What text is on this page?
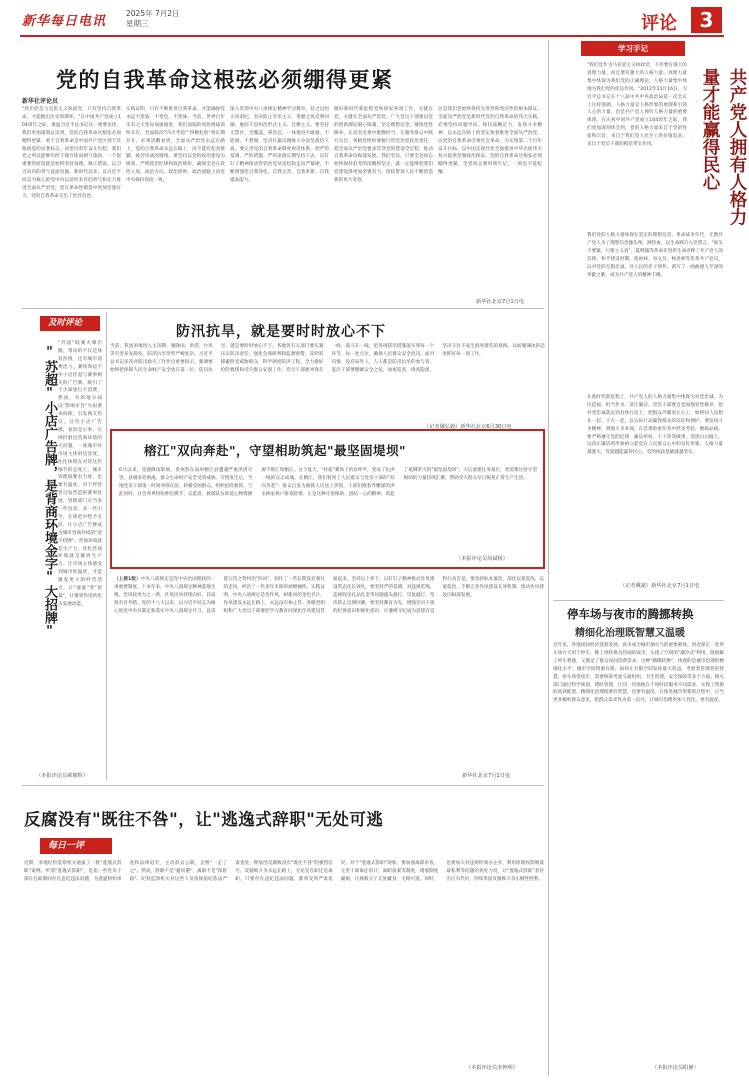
新华每日电讯
2025年 7月2日
星期三	评论	3
党的自我革命这根弦必须绷得更紧
新华社评论员
"我们党是马克思主义执政党，只有坚持自我革命，才能跳出历史周期率。"在中国共产党成立104周年之际，重温习近平总书记这一重要论述，我们更加深刻认识到，党的自我革命这根弦必须绷得更紧。勇于自我革命是中国共产党区别于其他政党的显著标志。回望百余年奋斗历程，我们党之所以能够历经千锤百炼而朝气蓬勃，一个很重要的原因就是始终坚持真理、修正错误，以刀刃向内的勇气直面问题。新时代以来，以习近平同志为核心的党中央以前所未有的勇气和定力推进全面从严治党，党在革命性锻造中更加坚强有力，党的自我革命交出了优异答卷。
实践证明，只有不断推进自我革命，才能确保党永远不变质、不变色、不变味。当前，世界百年未有之大变局加速演进，我们面临的风险挑战前所未有，党面临的"四大考验""四种危险"将长期存在。必须清醒看到，全面从严治党永远在路上，党的自我革命永远在路上，决不能有松劲歇脚、疲劳厌战的情绪。要坚持以党的政治建设为统领，严明政治纪律和政治规矩，确保全党在政治立场、政治方向、政治原则、政治道路上同党中央保持高度一致。
深入贯彻中央八项规定精神学习教育，持之以恒正风肃纪，坚决防止享乐主义、奢靡之风反弹回潮，驰而不息纠治形式主义、官僚主义。要坚持无禁区、全覆盖、零容忍，一体推进不敢腐、不能腐、不想腐，坚决打赢反腐败斗争攻坚战持久战。要完善党的自我革命制度规范体系，把严的基调、严的措施、严的氛围长期坚持下去，以钉钉子精神推动管党治党从宽松软走向严紧硬，不断增强党自我净化、自我完善、自我革新、自我提高能力。
做好新时代新征程党和国家各项工作，关键在党，关键在全面从严治党。广大党员干部要以党的创新理论凝心铸魂，坚定理想信念，锤炼党性修养，在攻坚克难中挺膺担当，在服务群众中践行宗旨。各级党组织要履行管党治党政治责任，把全面从严治党要求贯穿党的建设全过程，推动自我革命向纵深发展。我们坚信，只要全党同志始终保持赶考的清醒和坚定，就一定能够把我们党建设得更加坚强有力，团结带领人民不断创造新的更大奇迹。
这是我们党始终保持先进性和纯洁性的根本保证。全面从严治党是新时代党的自我革命的伟大实践，必须坚持问题导向，保持战略定力，发扬斗争精神，以永远在路上的坚定执着推进全面从严治党，以党的自我革命引领社会革命，为实现第二个百年奋斗目标、以中国式现代化全面推进中华民族伟大复兴提供坚强政治保证。党的自我革命这根弦必须绷得更紧，全党同志要时刻牢记，一刻也不能松懈。
新华社北京7月1日电
学习手记
共产党人拥有人格力量才能赢得民心
"我们党作为马克思主义执政党，不但要有强大的真理力量，而且要有强大的人格力量。真理力量集中体现为我们党的正确理论，人格力量集中体现为我们党的优良作风。"2012年11月16日，习近平总书记在十八届中共中央政治局第一次会议上这样强调。人格力量是人格形象的展现和引领人心的力量，也是共产党人拥有人格力量的重要体现。在庆祝中国共产党成立104周年之际，我们更加深刻体会到，党的人格力量来自于党的性质和宗旨，来自于我们党人民至上的价值追求，来自于党员干部的模范带头作用。
我们党的人格力量体现在坚定的理想信念。革命战争年代，无数共产党人为了理想信念抛头颅、洒热血，以生命践行入党誓言。"砍头不要紧，只要主义真"，夏明翰等革命先烈用生命诠释了共产党人的信仰。和平建设时期，焦裕禄、谷文昌、杨善洲等优秀共产党员，以对党的无限忠诚、对人民的赤子情怀，谱写了一曲曲感人至深的奉献之歌，成为共产党人的精神丰碑。
在新时代新征程上，共产党人的人格力量集中体现为对党忠诚、为民造福、担当作为、清正廉洁。党员干部要自觉加强党性修养，把对党忠诚落实到具体行动上，把群众冷暖放在心上，始终同人民想在一起、干在一起，以实际行动赢得群众的信任和拥护。要发扬斗争精神，增强斗争本领，在急难险重任务中经受考验、磨砺品格。要严格遵守党的纪律，廉洁用权，干干净净做事，清清白白做人，以清正廉洁的形象树立起党在人民群众心中的良好形象。人格力量越强大，党就越能赢得民心，党的执政基础就越坚实。
（记者戴斌）新华社北京7月1日电
防汛抗旱，就是要时时放心不下
当前，我国多地进入主汛期，强降雨、洪涝、台风等灾害多发频发，防汛抗旱形势严峻复杂。习近平总书记多次对防汛救灾工作作出重要指示，强调要始终把保障人民生命财产安全放在第一位。防汛抗旱，就是要时时放心不下。各地各有关部门要压紧压实防汛责任，强化会商研判和监测预警，及时转移避险受威胁群众，科学调度防洪工程，全力做好抢险救援和受灾群众安置工作。党员干部要冲锋在一线、战斗在一线，把各项防汛措施落实到每一个环节、每一处点位，确保人民群众安全度汛。面对汛情，没有局外人，人人都是防汛抗旱的参与者。基层干部要绷紧安全之弦，加密巡查，排查隐患，坚决守住不发生群死群伤的底线，以如履薄冰的态度抓好每一项工作。
（记者魏弘毅）新华社北京6月30日电
榕江"双向奔赴"，守望相助筑起"最坚固堤坝"
6月以来，受强降雨影响，贵州黔东南州榕江县遭遇严重洪涝灾害，县城多处被淹，群众生命财产安全受到威胁。灾情发生后，当地党员干部第一时间冲锋在前，转移受困群众，组织抢险救援。与此同时，社会各界纷纷伸出援手，志愿者、救援队伍和爱心物资源源不断汇集榕江。这个夏天，"村超"赛场上的欢呼声，变成了抗洪一线的众志成城。在榕江，我们看到了人民群众与党员干部的"双向奔赴"：群众自发为救援人员送上热饭，干部们蹚着齐腰深的洪水挨家挨户排查险情。正是这种守望相助、团结一心的精神，筑起了抵御洪灾的"最坚固堤坝"。灾后重建任务艰巨，更需要这份守望相助的力量持续汇聚，帮助受灾群众早日恢复正常生产生活。
（本报评论员周斌杨）
及时评论
"苏超"小店广告牌，是背商环境金字"大招牌"
"苏超"联赛火爆出圈，带动的不仅是体育热情，还有城市消费活力。赛场周边不少小店挂起与赛事相关的广告牌，吸引了不少球迷打卡消费。然而，有的地方却以"影响市容"为由要求拆除，引发网友热议。这些小店广告牌，看似是小事，实则折射出营商环境的大问题。一座城市对市场主体的包容度，往往体现在对待这些细节的态度上。城市管理既要有力度，也要有温度。对于经营者自发营造的赛事氛围，管理部门应当多一些包容、多一些引导，在规范中给予支持，让小店广告牌成为城市营商环境的"金字招牌"。营商环境就是生产力，优化营商环境就是解放生产力。让市场主体感受到城市的温度，才能激发更大的经营活力，让"流量"变"留量"，让赛事热度转化为发展动能。
（本报评论员郝朝辉）
（上接1版）中央八项规定是党中央治国理政的一项重要制度。十多年来，中央八项规定精神落地生根，党风政风为之一新，社风民风持续向好，其成效有目共睹。党的十八大以来，以习近平同志为核心的党中央从制定和落实中央八项规定开刀，以雷霆万钧之势纠治"四风"，刹住了一些长期没有刹住的歪风，纠治了一些多年未除的顽瘴痼疾。实践证明，中央八项规定是改作风、树新风的金色名片。作风建设永远在路上，永远没有休止符。各级党组织和广大党员干部要把学习教育同深化作风建设贯通起来，坚持以上率下，以钉钉子精神推动作风建设常态化长效化。要坚持严的基调，对违规吃喝、违规收送礼品礼金等问题露头就打、反复敲打，坚决防止反弹回潮。要坚持教育为先，增强党员干部的纪律意识和规矩意识，让遵规守纪成为思想自觉和行动自觉。要坚持标本兼治，深化以案促改、以案促治，不断完善作风建设长效机制，推动作风建设向纵深发展。
新华社北京7月1日电
停车场与夜市的腾挪转换
精细化治理既智慧又温暖
近年来，各地夜间经济蓬勃发展，夜市成为城市烟火气的重要载体。河北保定一处停车场白天用于停车，晚上则转换为热闹的夜市，实现了空间的"潮汐式"利用，既缓解了停车难题，又满足了群众夜间消费需求。这种"腾挪转换"，体现的是城市治理的精细化水平。城市空间资源有限，如何让有限空间发挥最大效益，考验着管理者的智慧。停车场变夜市，需要统筹考虑交通组织、卫生管理、安全保障等多个方面。相关部门通过科学规划、错时管理，让同一块场地在不同时段服务不同需求，实现了资源的高效配置。精细化治理既要有智慧，也要有温度。在推进城市更新的过程中，应当更多倾听群众意见，把群众需求作为第一信号，让城市治理更加人性化、更有温度。
（本报评论员阳静）
反腐没有"既往不咎"，让"逃逸式辞职"无处可逃
每日一评
近期，多地纪检监察机关通报了一批"逃逸式辞职"案例。所谓"逃逸式辞职"，是指一些党员干部在任职期间存在违纪违法问题，为逃避组织审查和法律追究，主动辞去公职，企图"一走了之"。然而，辞职不是"避风港"，离职不是"保险箱"。纪检监察机关对这些人员依规依纪依法严肃查处，释放出反腐败没有"既往不咎"的强烈信号。反腐败斗争永远在路上，无论是在职还是离职，只要存在违纪违法问题，都将受到严肃追究。对于"逃逸式辞职"现象，要加强离职审查，完善干部离任审计、离职备案等制度，堵塞制度漏洞，让腐败分子无处藏身、无路可逃。同时，也要加大对违规经商办企业、利用原职权影响谋取私利等问题的查处力度，让"逃逸式辞职"者付出应有代价，持续巩固反腐败斗争压倒性胜利。
（本报评论员李钟明）
